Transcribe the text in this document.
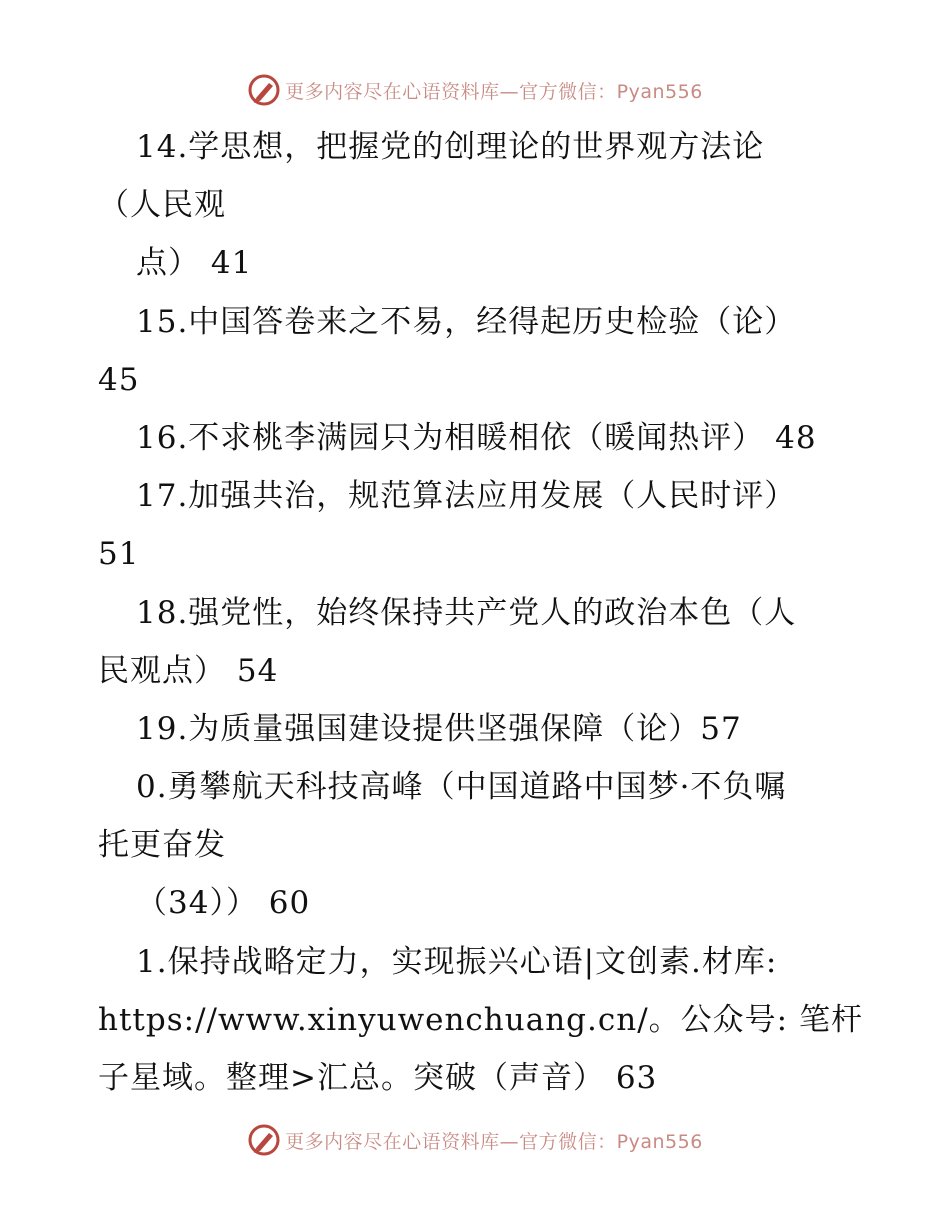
更多内容尽在心语资料库—官方微信：Pyan556
14.学思想，把握党的创理论的世界观方法论
（人民观
点） 41
15.中国答卷来之不易，经得起历史检验（论）
45
16.不求桃李满园只为相暖相依（暖闻热评） 48
17.加强共治，规范算法应用发展（人民时评）
51
18.强党性，始终保持共产党人的政治本色（人
民观点） 54
19.为质量强国建设提供坚强保障（论）57
0.勇攀航天科技高峰（中国道路中国梦·不负嘱
托更奋发
（34）） 60
1.保持战略定力，实现振兴心语|文创素.材库:
https://www.xinyuwenchuang.cn/。公众号: 笔杆
子星域。整理>汇总。突破（声音） 63
更多内容尽在心语资料库—官方微信：Pyan556
